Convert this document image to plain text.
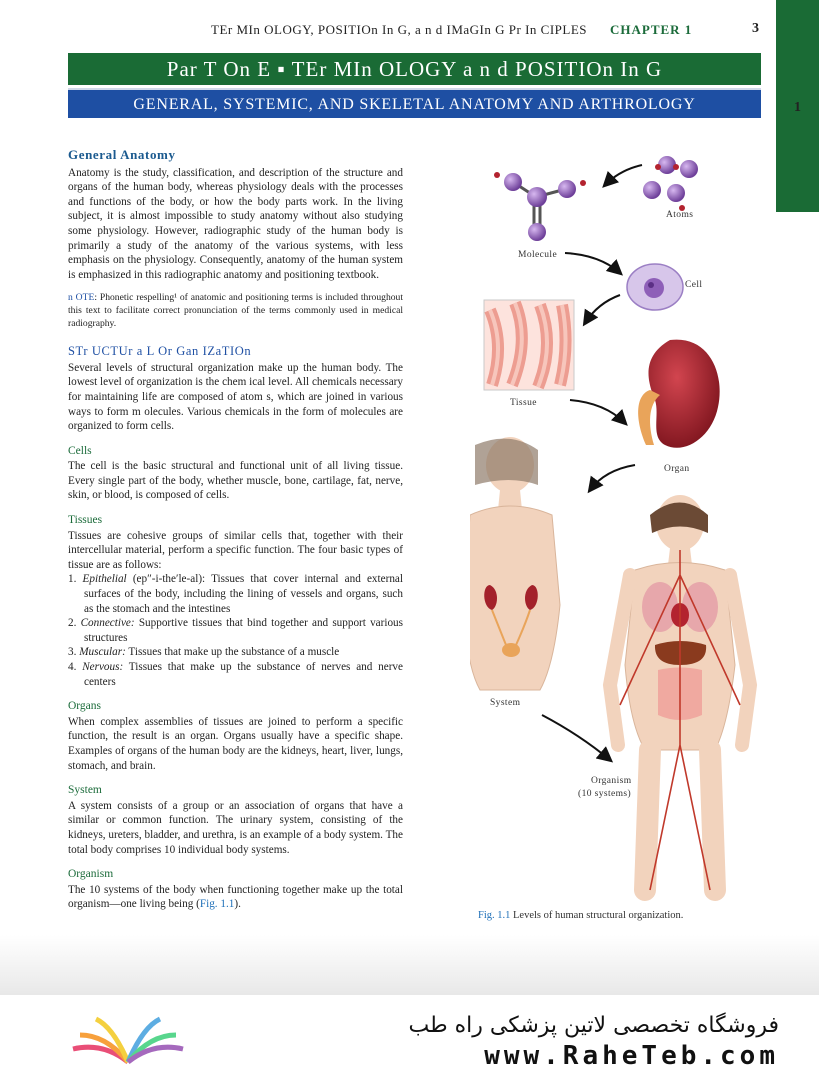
1
TEr MIn OLOGY, POSITIOn In G, a n d IMaGIn G Pr In CIPLES CHAPTER 1	3
Par T On E ▪ TEr MIn OLOGY a n d POSITIOn In G
GENERAL, SYSTEMIC, AND SKELETAL ANATOMY AND ARTHROLOGY
General Anatomy

Anatomy is the study, classification, and description of the structure and organs of the human body, whereas physiology deals with the processes and functions of the body, or how the body parts work. In the living subject, it is almost impossible to study anatomy without also studying some physiology. However, radiographic study of the human body is primarily a study of the anatomy of the various systems, with less emphasis on the physiology. Consequently, anatomy of the human system is emphasized in this radiographic anatomy and positioning textbook.

n OTE: Phonetic respelling¹ of anatomic and positioning terms is included throughout this text to facilitate correct pronunciation of the terms commonly used in medical radiography.

STr UCTUr a L Or Gan IZaTIOn

Several levels of structural organization make up the human body. The lowest level of organization is the chem ical level. All chemicals necessary for maintaining life are composed of atom s, which are joined in various ways to form m olecules. Various chemicals in the form of molecules are organized to form cells.

Cells

The cell is the basic structural and functional unit of all living tissue. Every single part of the body, whether muscle, bone, cartilage, fat, nerve, skin, or blood, is composed of cells.

Tissues

Tissues are cohesive groups of similar cells that, together with their intercellular material, perform a specific function. The four basic types of tissue are as follows:

1. Epithelial (ep″-i-the′le-al): Tissues that cover internal and external surfaces of the body, including the lining of vessels and organs, such as the stomach and the intestines
2. Connective: Supportive tissues that bind together and support various structures
3. Muscular: Tissues that make up the substance of a muscle
4. Nervous: Tissues that make up the substance of nerves and nerve centers
Organs

When complex assemblies of tissues are joined to perform a specific function, the result is an organ. Organs usually have a specific shape. Examples of organs of the human body are the kidneys, heart, liver, lungs, stomach, and brain.

System

A system consists of a group or an association of organs that have a similar or common function. The urinary system, consisting of the kidneys, ureters, bladder, and urethra, is an example of a body system. The total body comprises 10 individual body systems.

Organism

The 10 systems of the body when functioning together make up the total organism—one living being (Fig. 1.1).

Atoms
Molecule
Cell
Tissue
Organ
System
Organism
(10 systems)
Fig. 1.1 Levels of human structural organization.
فروشگاه تخصصی لاتین پزشکی راه طب
www.RaheTeb.com
